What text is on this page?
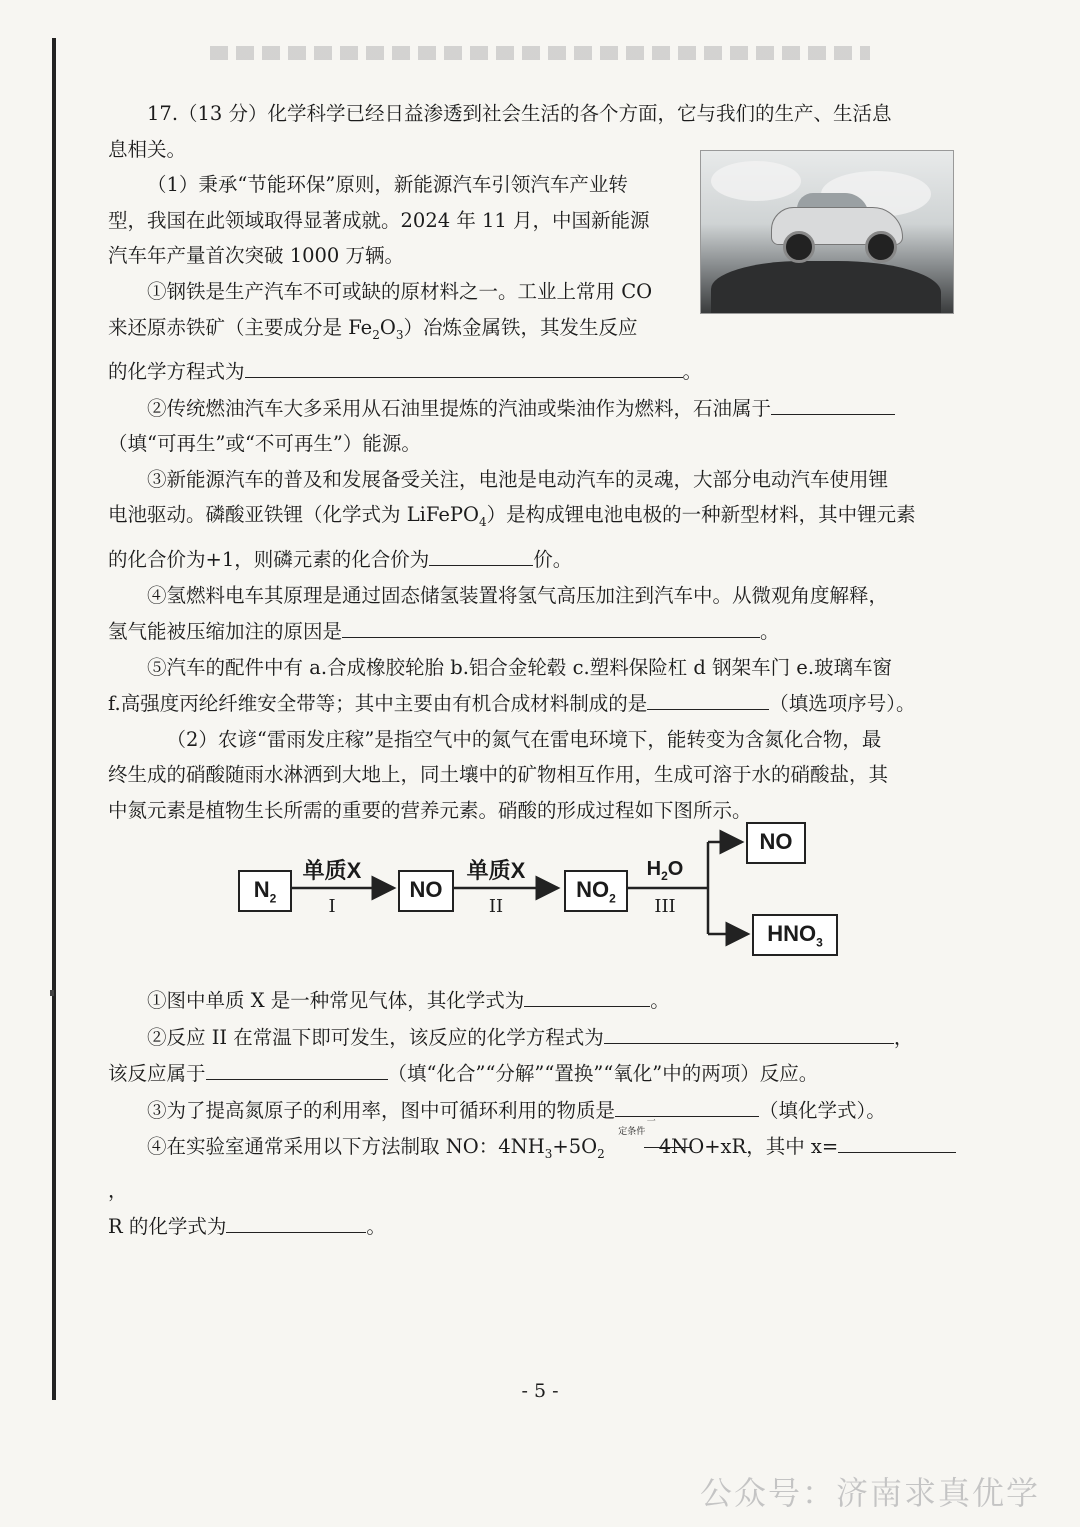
17.（13 分）化学科学已经日益渗透到社会生活的各个方面，它与我们的生产、生活息

息相关。

（1）秉承“节能环保”原则，新能源汽车引领汽车产业转

型，我国在此领域取得显著成就。2024 年 11 月，中国新能源

汽车年产量首次突破 1000 万辆。

①钢铁是生产汽车不可或缺的原材料之一。工业上常用 CO

来还原赤铁矿（主要成分是 $Fe_2O_3$）冶炼金属铁，其发生反应

的化学方程式为	。

②传统燃油汽车大多采用从石油里提炼的汽油或柴油作为燃料，石油属于

（填“可再生”或“不可再生”）能源。

③新能源汽车的普及和发展备受关注，电池是电动汽车的灵魂，大部分电动汽车使用锂

电池驱动。磷酸亚铁锂（化学式为 LiFePO$_4$）是构成锂电池电极的一种新型材料，其中锂元素

的化合价为+1，则磷元素的化合价为	价。

④氢燃料电车其原理是通过固态储氢装置将氢气高压加注到汽车中。从微观角度解释，

氢气能被压缩加注的原因是	。

⑤汽车的配件中有 a.合成橡胶轮胎 b.铝合金轮毂 c.塑料保险杠 d 钢架车门 e.玻璃车窗

f.高强度丙纶纤维安全带等；其中主要由有机合成材料制成的是	（填选项序号）。

（2）农谚“雷雨发庄稼”是指空气中的氮气在雷电环境下，能转变为含氮化合物，最

终生成的硝酸随雨水淋洒到大地上，同土壤中的矿物相互作用，生成可溶于水的硝酸盐，其

中氮元素是植物生长所需的重要的营养元素。硝酸的形成过程如下图所示。

$N_2$	NO	$NO_2$
NO
$HNO_3$
单质X
I
单质X
II
$H_2O$
III

①图中单质 X 是一种常见气体，其化学式为	。

②反应 II 在常温下即可发生，该反应的化学方程式为	，

该反应属于	（填“化合”“分解”“置换”“氧化”中的两项）反应。

③为了提高氮原子的利用率，图中可循环利用的物质是	（填化学式）。

④在实验室通常采用以下方法制取 NO：$4NH_3+5O_2$
一定条件
4NO+xR，其中 x=，

R 的化学式为	。

- 5 -
公众号：济南求真优学
